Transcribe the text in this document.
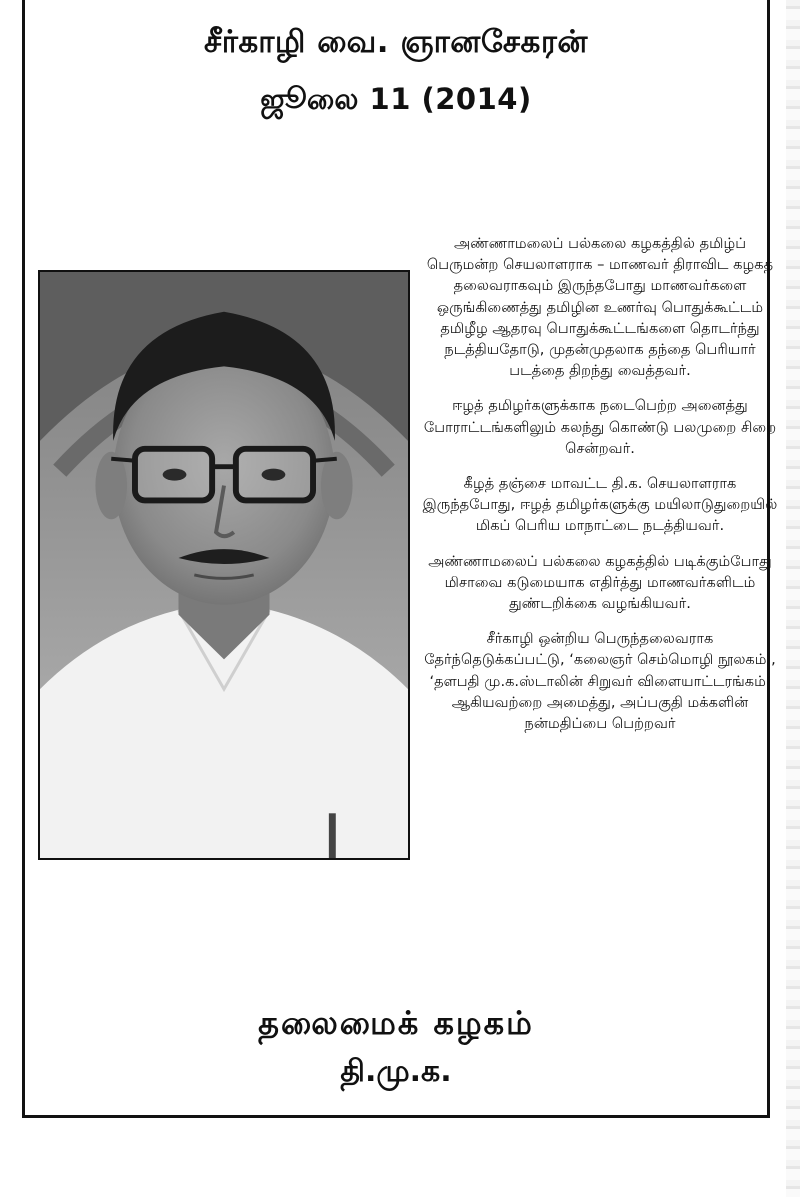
சீர்காழி வை. ஞானசேகரன்
ஜூலை 11 (2014)

அண்ணாமலைப் பல்கலை கழகத்தில் தமிழ்ப் பெருமன்ற செயலாளராக – மாணவர் திராவிட கழகத் தலைவராகவும் இருந்தபோது மாணவர்களை ஒருங்கிணைத்து தமிழின உணர்வு பொதுக்கூட்டம் தமிழீழ ஆதரவு பொதுக்கூட்டங்களை தொடர்ந்து நடத்தியதோடு, முதன்முதலாக தந்தை பெரியார் படத்தை திறந்து வைத்தவர்.

ஈழத் தமிழர்களுக்காக நடைபெற்ற அனைத்து போராட்டங்களிலும் கலந்து கொண்டு பலமுறை சிறை சென்றவர்.

கீழத் தஞ்சை மாவட்ட தி.க. செயலாளராக இருந்தபோது, ஈழத் தமிழர்களுக்கு மயிலாடுதுறையில் மிகப் பெரிய மாநாட்டை நடத்தியவர்.

அண்ணாமலைப் பல்கலை கழகத்தில் படிக்கும்போது மிசாவை கடுமையாக எதிர்த்து மாணவர்களிடம் துண்டறிக்கை வழங்கியவர்.

சீர்காழி ஒன்றிய பெருந்தலைவராக தேர்ந்தெடுக்கப்பட்டு, ‘கலைஞர் செம்மொழி நூலகம்’, ‘தளபதி மு.க.ஸ்டாலின் சிறுவர் விளையாட்டரங்கம்’ ஆகியவற்றை அமைத்து, அப்பகுதி மக்களின் நன்மதிப்பை பெற்றவர்

தலைமைக் கழகம்
தி.மு.க.
